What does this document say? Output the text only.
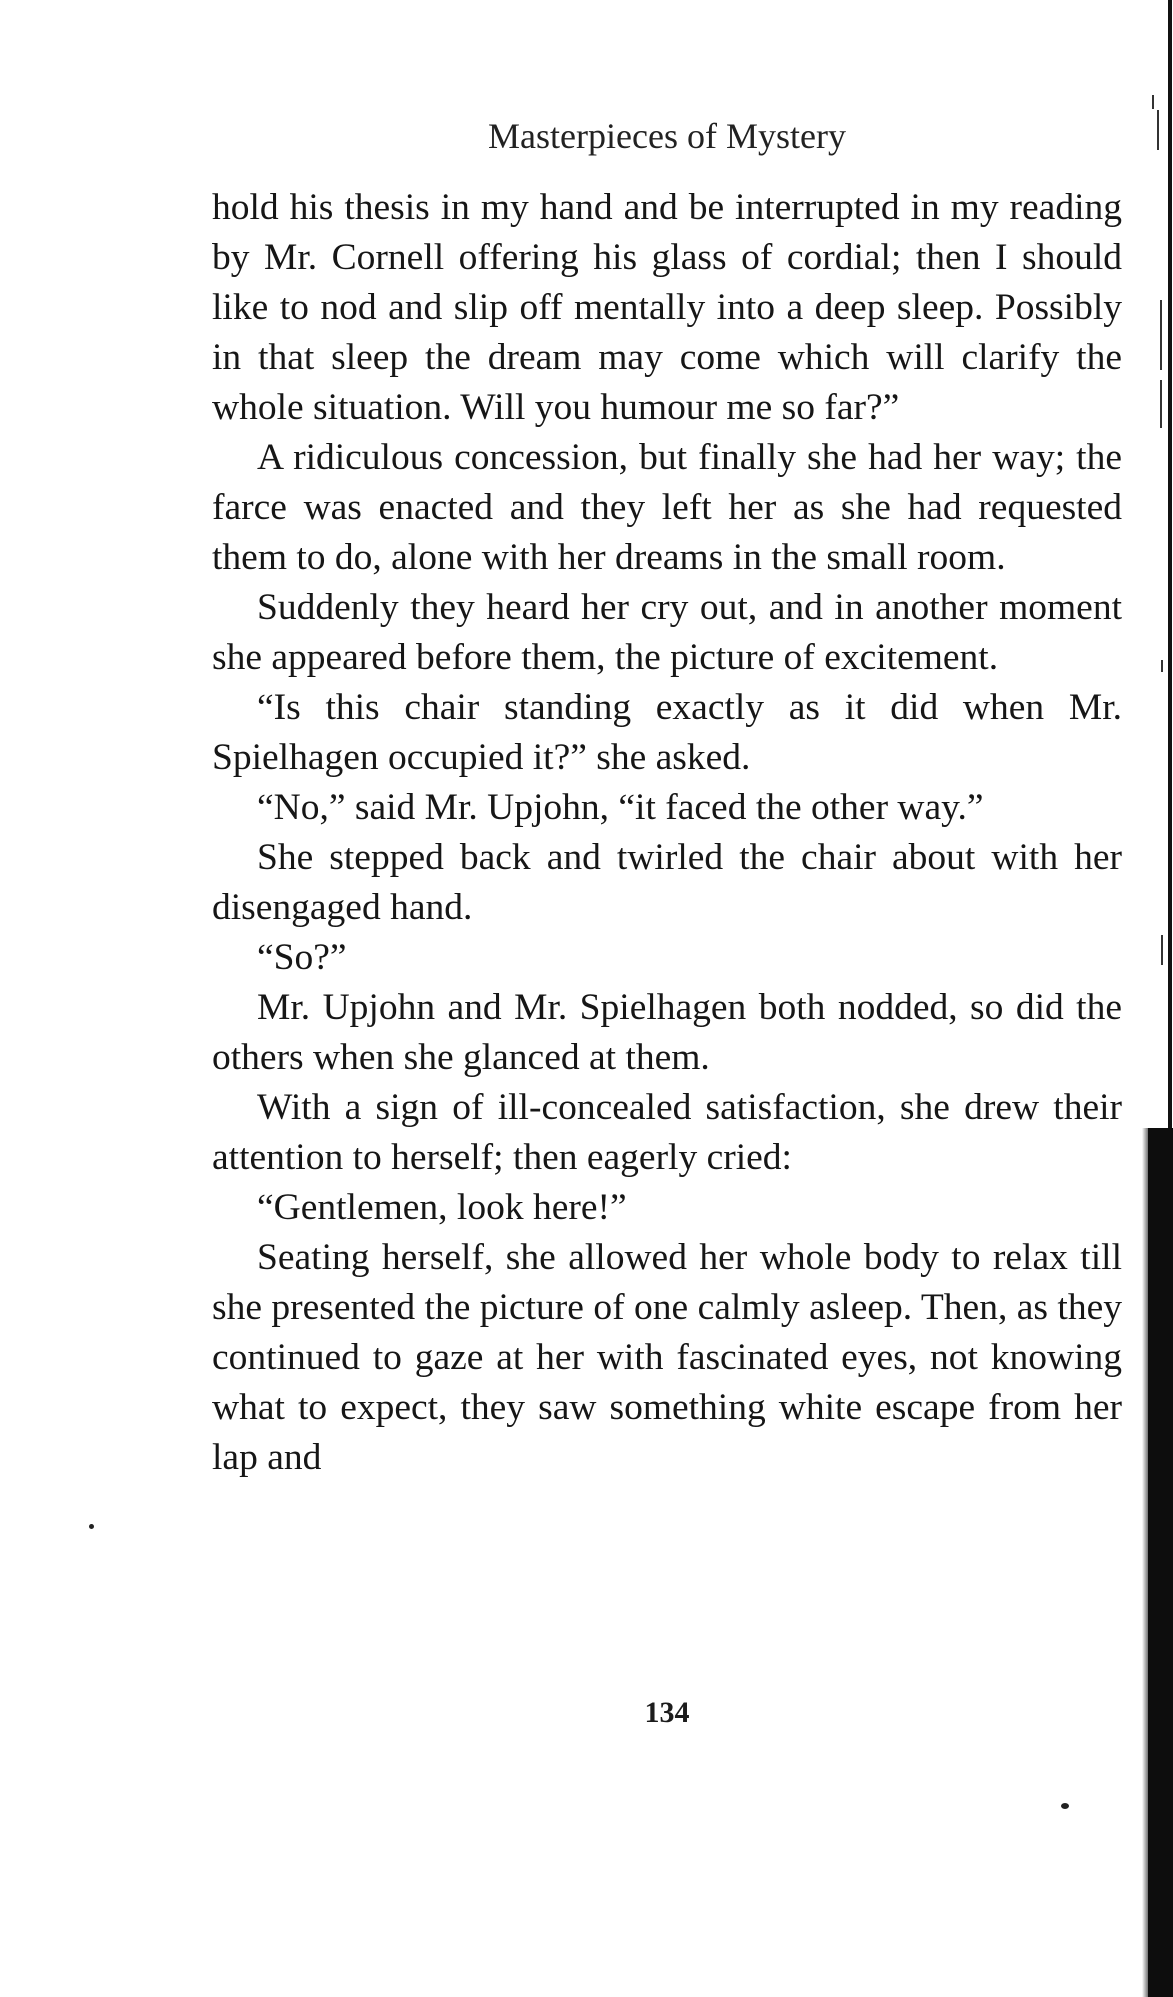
Masterpieces of Mystery

hold his thesis in my hand and be interrupted in my reading by Mr. Cornell offering his glass of cordial; then I should like to nod and slip off mentally into a deep sleep. Possibly in that sleep the dream may come which will clarify the whole situation. Will you humour me so far?”

A ridiculous concession, but finally she had her way; the farce was enacted and they left her as she had requested them to do, alone with her dreams in the small room.

Suddenly they heard her cry out, and in another moment she appeared before them, the picture of excitement.

“Is this chair standing exactly as it did when Mr. Spielhagen occupied it?” she asked.

“No,” said Mr. Upjohn, “it faced the other way.”

She stepped back and twirled the chair about with her disengaged hand.

“So?”

Mr. Upjohn and Mr. Spielhagen both nodded, so did the others when she glanced at them.

With a sign of ill-concealed satisfaction, she drew their attention to herself; then eagerly cried:

“Gentlemen, look here!”

Seating herself, she allowed her whole body to relax till she presented the picture of one calmly asleep. Then, as they continued to gaze at her with fascinated eyes, not knowing what to expect, they saw something white escape from her lap and

134
